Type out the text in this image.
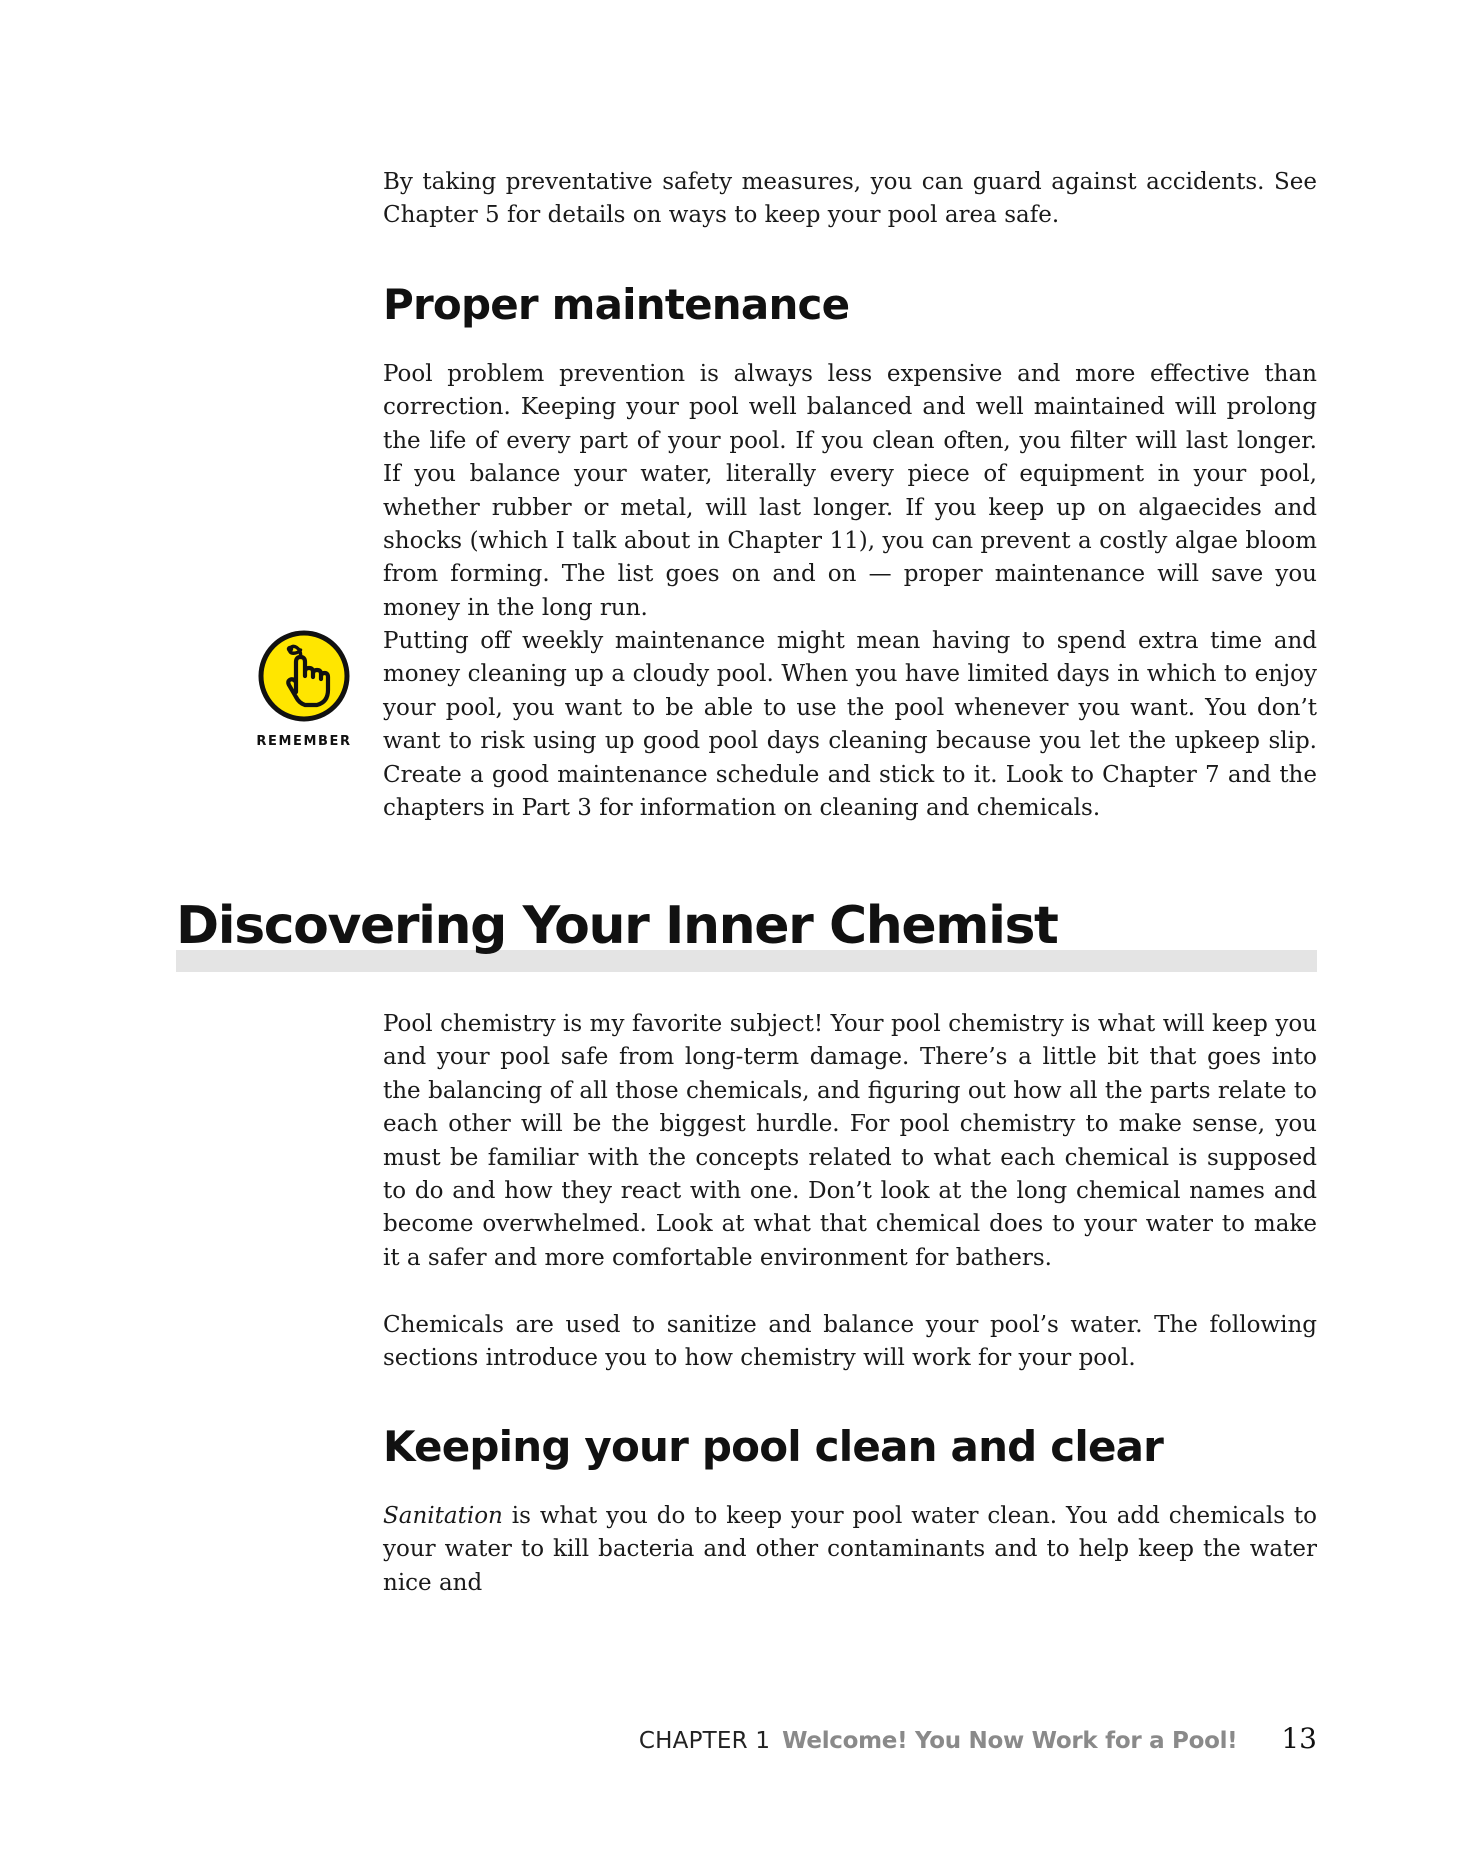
By taking preventative safety measures, you can guard against accidents. See Chapter 5 for details on ways to keep your pool area safe.

Proper maintenance

Pool problem prevention is always less expensive and more effective than correction. Keeping your pool well balanced and well maintained will prolong the life of every part of your pool. If you clean often, you filter will last longer. If you balance your water, literally every piece of equipment in your pool, whether rubber or metal, will last longer. If you keep up on algaecides and shocks (which I talk about in Chapter 11), you can prevent a costly algae bloom from forming. The list goes on and on — proper maintenance will save you money in the long run.

REMEMBER

Putting off weekly maintenance might mean having to spend extra time and money cleaning up a cloudy pool. When you have limited days in which to enjoy your pool, you want to be able to use the pool whenever you want. You don’t want to risk using up good pool days cleaning because you let the upkeep slip. Create a good maintenance schedule and stick to it. Look to Chapter 7 and the chapters in Part 3 for information on cleaning and chemicals.

Discovering Your Inner Chemist

Pool chemistry is my favorite subject! Your pool chemistry is what will keep you and your pool safe from long-term damage. There’s a little bit that goes into the balancing of all those chemicals, and figuring out how all the parts relate to each other will be the biggest hurdle. For pool chemistry to make sense, you must be familiar with the concepts related to what each chemical is supposed to do and how they react with one. Don’t look at the long chemical names and become overwhelmed. Look at what that chemical does to your water to make it a safer and more comfortable environment for bathers.

Chemicals are used to sanitize and balance your pool’s water. The following sections introduce you to how chemistry will work for your pool.

Keeping your pool clean and clear

Sanitation is what you do to keep your pool water clean. You add chemicals to your water to kill bacteria and other contaminants and to help keep the water nice and

CHAPTER 1 Welcome! You Now Work for a Pool! 13
